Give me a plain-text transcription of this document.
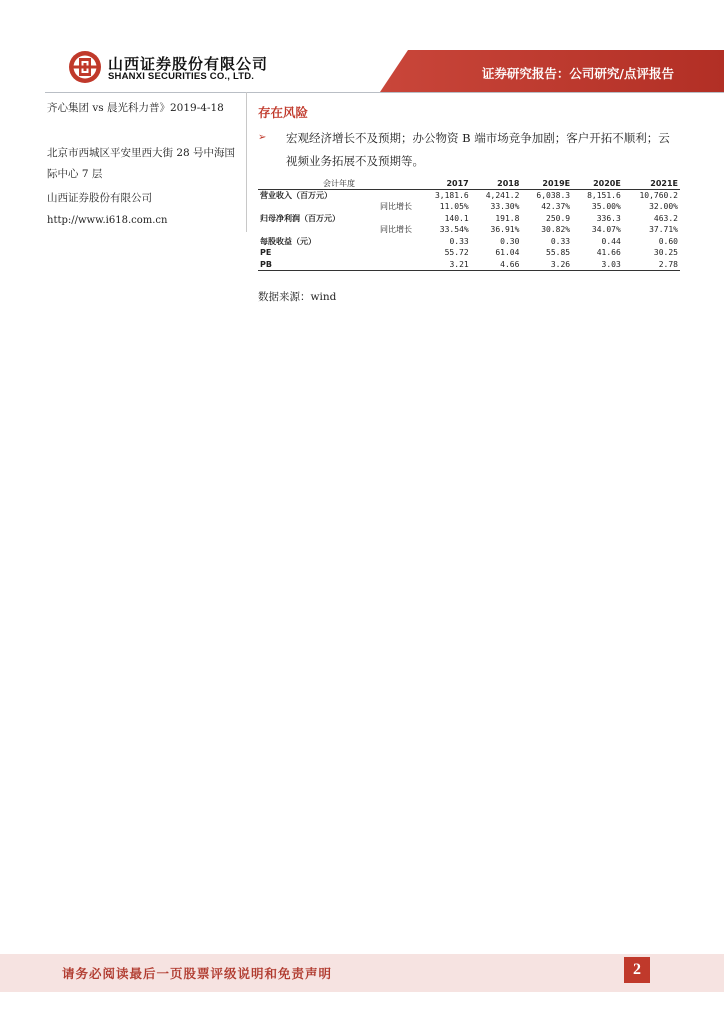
山西证券股份有限公司
SHANXI SECURITIES CO., LTD.	证券研究报告：公司研究/点评报告
齐心集团 vs 晨光科力普》2019-4-18
北京市西城区平安里西大街 28 号中海国际中心 7 层
山西证券股份有限公司
http://www.i618.com.cn
存在风险
➢ 宏观经济增长不及预期；办公物资 B 端市场竞争加剧；客户开拓不顺利；云视频业务拓展不及预期等。
会计年度		2017	2018	2019E	2020E	2021E
营业收入（百万元）		3,181.6	4,241.2	6,038.3	8,151.6	10,760.2
	同比增长	11.05%	33.30%	42.37%	35.00%	32.00%
归母净利润（百万元）		140.1	191.8	250.9	336.3	463.2
	同比增长	33.54%	36.91%	30.82%	34.07%	37.71%
每股收益（元）		0.33	0.30	0.33	0.44	0.60
PE		55.72	61.04	55.85	41.66	30.25
PB		3.21	4.66	3.26	3.03	2.78
数据来源：wind
请务必阅读最后一页股票评级说明和免责声明	2
